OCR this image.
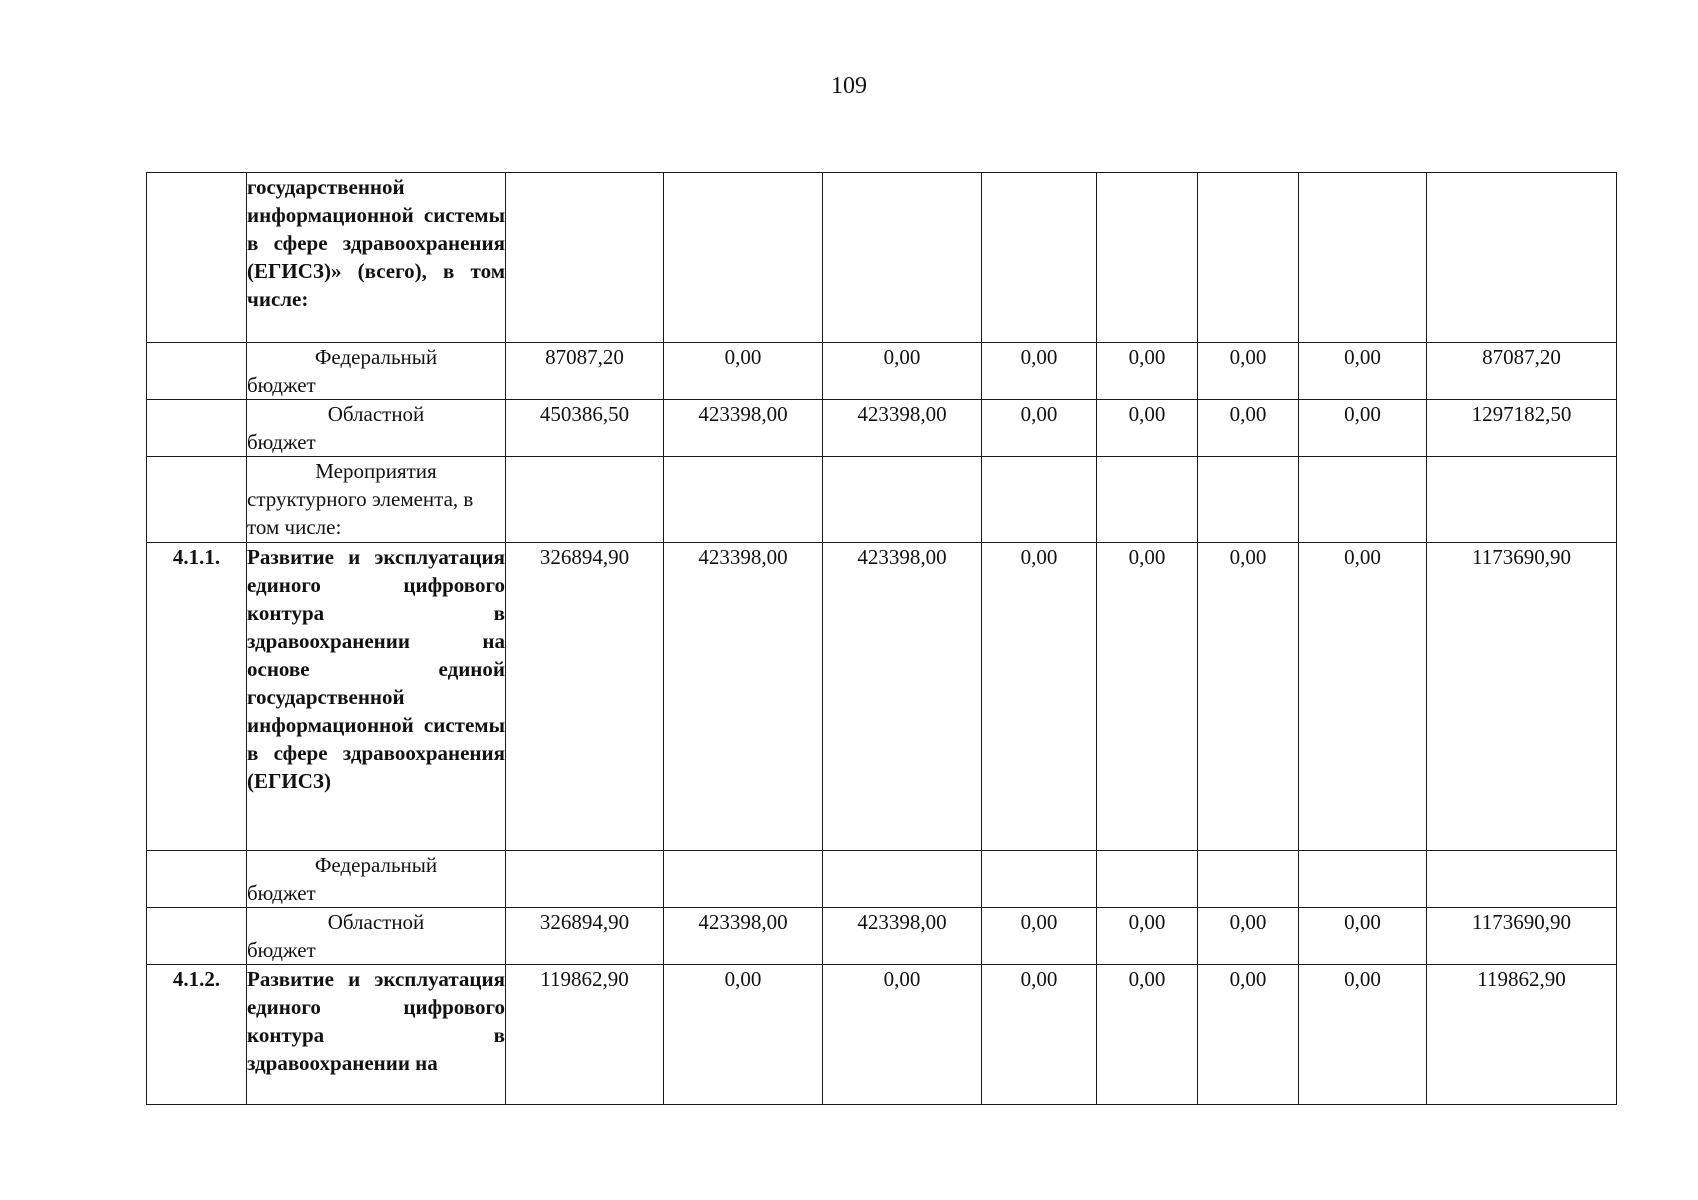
109

	государственной информационной системы в сфере здравоохранения (ЕГИСЗ)» (всего), в том числе:								

	Федеральный
бюджет	87087,20	0,00	0,00	0,00	0,00	0,00	0,00	87087,20

	Областной
бюджет	450386,50	423398,00	423398,00	0,00	0,00	0,00	0,00	1297182,50

	Мероприятия
структурного элемента, в том числе:								

4.1.1.	Развитие и эксплуатация единого цифрового контура в здравоохранении на основе единой государственной информационной системы в сфере здравоохранения (ЕГИСЗ)	326894,90	423398,00	423398,00	0,00	0,00	0,00	0,00	1173690,90

	Федеральный
бюджет								

	Областной
бюджет	326894,90	423398,00	423398,00	0,00	0,00	0,00	0,00	1173690,90
4.1.2.	Развитие и эксплуатация единого цифрового контура в здравоохранении на	119862,90	0,00	0,00	0,00	0,00	0,00	0,00	119862,90
